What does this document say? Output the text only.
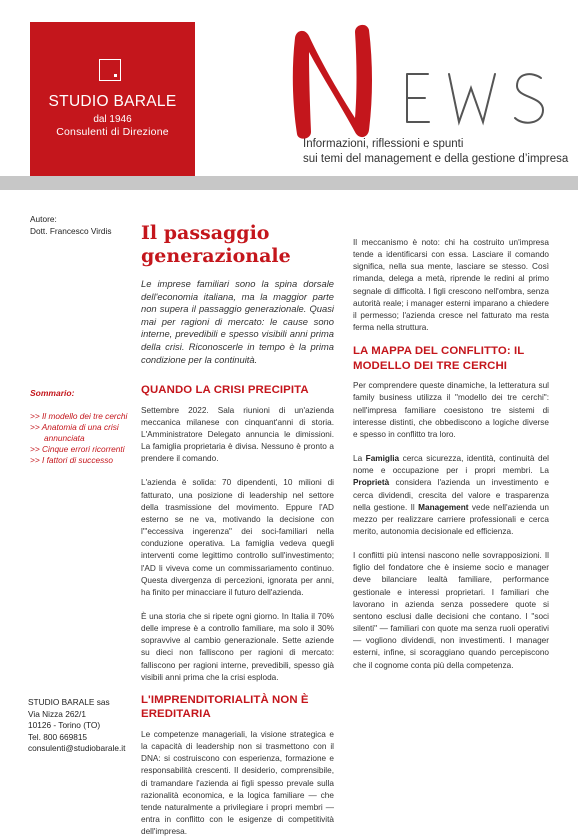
STUDIO BARALE
dal 1946
Consulenti di Direzione
Informazioni, riflessioni e spunti
sui temi del management e della gestione d’impresa
Autore:
Dott. Francesco Virdis
Sommario:
>> Il modello dei tre cerchi
>> Anatomia di una crisi annunciata
>> Cinque errori ricorrenti
>> I fattori di successo
STUDIO BARALE sas
Via Nizza 262/1
10126 - Torino (TO)
Tel. 800 669815
consulenti@studiobarale.it
Il passaggio generazionale

Le imprese familiari sono la spina dorsale dell'economia italiana, ma la maggior parte non supera il passaggio generazionale. Quasi mai per ragioni di mercato: le cause sono interne, prevedibili e spesso visibili anni prima della crisi. Riconoscerle in tempo è la prima condizione per la continuità.

QUANDO LA CRISI PRECIPITA

Settembre 2022. Sala riunioni di un'azienda meccanica milanese con cinquant'anni di storia. L'Amministratore Delegato annuncia le dimissioni. La famiglia proprietaria è divisa. Nessuno è pronto a prendere il comando.

L'azienda è solida: 70 dipendenti, 10 milioni di fatturato, una posizione di leadership nel settore della trasmissione del movimento. Eppure l'AD esterno se ne va, motivando la decisione con l'"eccessiva ingerenza" dei soci-familiari nella conduzione operativa. La famiglia vedeva quegli interventi come legittimo controllo sull'investimento; l'AD li viveva come un commissariamento continuo. Questa divergenza di percezioni, ignorata per anni, ha finito per minacciare il futuro dell'azienda.

È una storia che si ripete ogni giorno. In Italia il 70% delle imprese è a controllo familiare, ma solo il 30% sopravvive al cambio generazionale. Sette aziende su dieci non falliscono per ragioni di mercato: falliscono per ragioni interne, prevedibili, spesso già visibili anni prima che la crisi esploda.

L'IMPRENDITORIALITÀ NON È EREDITARIA

Le competenze manageriali, la visione strategica e la capacità di leadership non si trasmettono con il DNA: si costruiscono con esperienza, formazione e responsabilità crescenti. Il desiderio, comprensibile, di tramandare l'azienda ai figli spesso prevale sulla razionalità economica, e la logica familiare — che tende naturalmente a privilegiare i propri membri — entra in conflitto con le esigenze di competitività dell'impresa.

Il meccanismo è noto: chi ha costruito un'impresa tende a identificarsi con essa. Lasciare il comando significa, nella sua mente, lasciare se stesso. Così rimanda, delega a metà, riprende le redini al primo segnale di difficoltà. I figli crescono nell'ombra, senza autorità reale; i manager esterni imparano a chiedere il permesso; l'azienda cresce nel fatturato ma resta ferma nella struttura.

LA MAPPA DEL CONFLITTO: IL MODELLO DEI TRE CERCHI

Per comprendere queste dinamiche, la letteratura sul family business utilizza il "modello dei tre cerchi": nell'impresa familiare coesistono tre sistemi di interesse distinti, che obbediscono a logiche diverse e spesso in conflitto tra loro.

La Famiglia cerca sicurezza, identità, continuità del nome e occupazione per i propri membri. La Proprietà considera l'azienda un investimento e cerca dividendi, crescita del valore e trasparenza nella gestione. Il Management vede nell'azienda un mezzo per realizzare carriere professionali e cerca merito, autonomia decisionale ed efficienza.

I conflitti più intensi nascono nelle sovrapposizioni. Il figlio del fondatore che è insieme socio e manager deve bilanciare lealtà familiare, performance gestionale e interessi proprietari. I familiari che lavorano in azienda senza possedere quote si sentono esclusi dalle decisioni che contano. I "soci silenti" — familiari con quote ma senza ruoli operativi — vogliono dividendi, non investimenti. I manager esterni, infine, si scoraggiano quando percepiscono che il cognome conta più della competenza.
